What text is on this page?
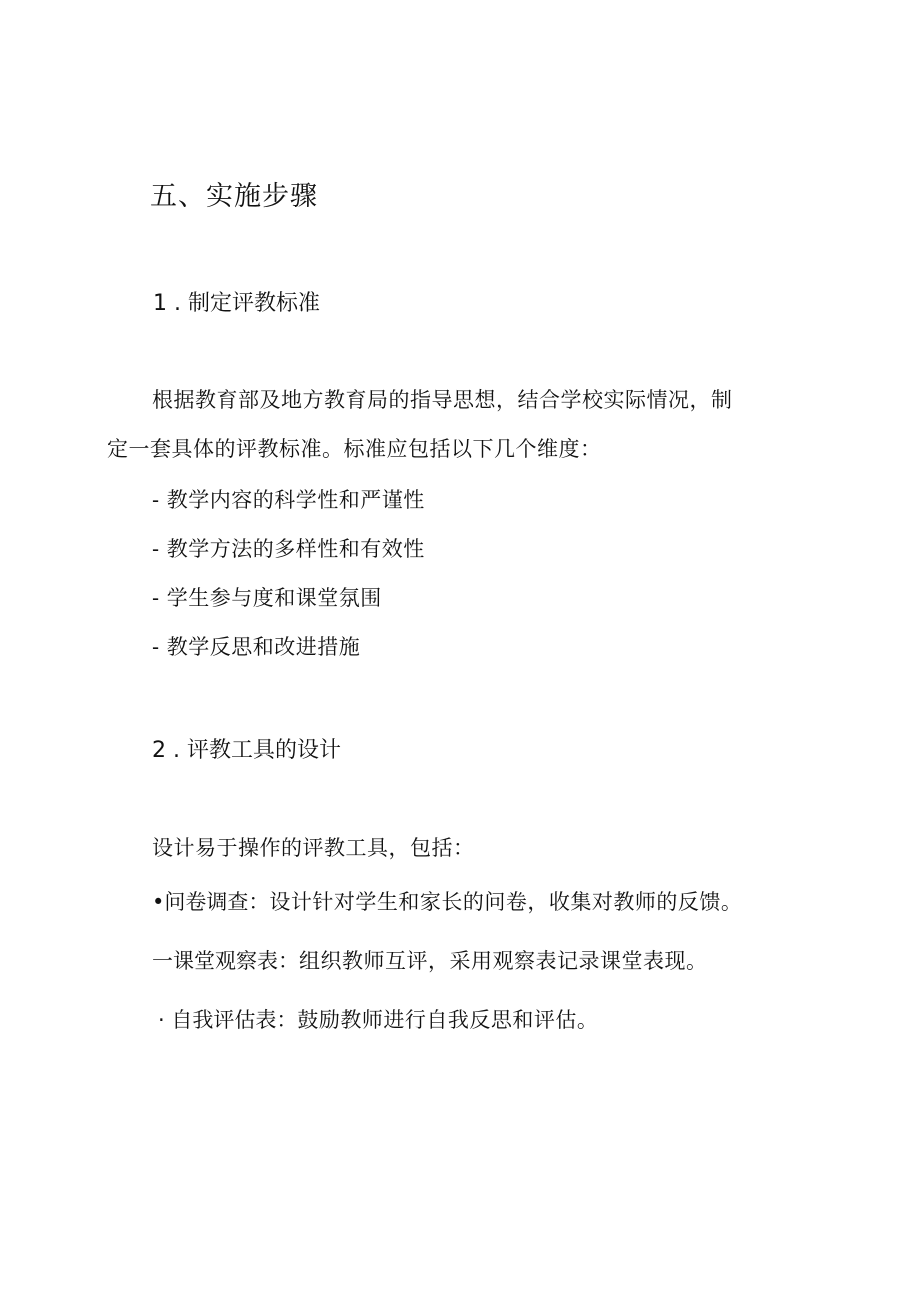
五、实施步骤
1 . 制定评教标准
根据教育部及地方教育局的指导思想，结合学校实际情况，制
定一套具体的评教标准。标准应包括以下几个维度：
- 教学内容的科学性和严谨性
- 教学方法的多样性和有效性
- 学生参与度和课堂氛围
- 教学反思和改进措施
2 . 评教工具的设计
设计易于操作的评教工具，包括：
•问卷调查：设计针对学生和家长的问卷，收集对教师的反馈。
一课堂观察表：组织教师互评，采用观察表记录课堂表现。
· 自我评估表：鼓励教师进行自我反思和评估。
